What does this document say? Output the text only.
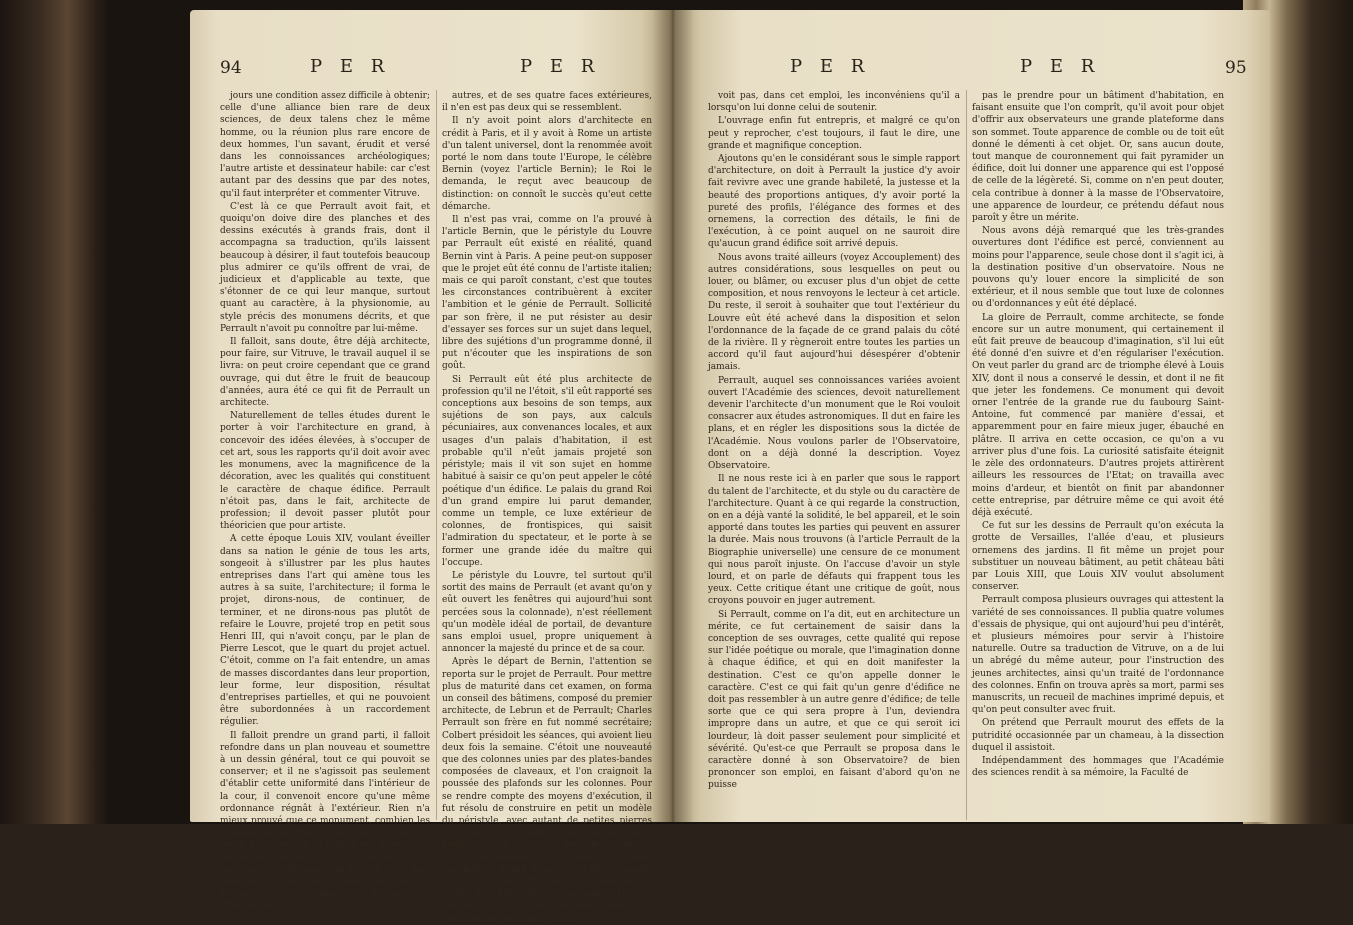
94	P E R	P E R

jours une condition assez difficile à obtenir; celle d'une alliance bien rare de deux sciences, de deux talens chez le même homme, ou la réunion plus rare encore de deux hommes, l'un savant, érudit et versé dans les connoissances archéologiques; l'autre artiste et dessinateur habile: car c'est autant par des dessins que par des notes, qu'il faut interpréter et commenter Vitruve.

C'est là ce que Perrault avoit fait, et quoiqu'on doive dire des planches et des dessins exécutés à grands frais, dont il accompagna sa traduction, qu'ils laissent beaucoup à désirer, il faut toutefois beaucoup plus admirer ce qu'ils offrent de vrai, de judicieux et d'applicable au texte, que s'étonner de ce qui leur manque, surtout quant au caractère, à la physionomie, au style précis des monumens décrits, et que Perrault n'avoit pu connoître par lui-même.

Il falloit, sans doute, être déjà architecte, pour faire, sur Vitruve, le travail auquel il se livra: on peut croire cependant que ce grand ouvrage, qui dut être le fruit de beaucoup d'années, aura été ce qui fit de Perrault un architecte.

Naturellement de telles études durent le porter à voir l'architecture en grand, à concevoir des idées élevées, à s'occuper de cet art, sous les rapports qu'il doit avoir avec les monumens, avec la magnificence de la décoration, avec les qualités qui constituent le caractère de chaque édifice. Perrault n'étoit pas, dans le fait, architecte de profession; il devoit passer plutôt pour théoricien que pour artiste.

A cette époque Louis XIV, voulant éveiller dans sa nation le génie de tous les arts, songeoit à s'illustrer par les plus hautes entreprises dans l'art qui amène tous les autres à sa suite, l'architecture; il forma le projet, dirons-nous, de continuer, de terminer, et ne dirons-nous pas plutôt de refaire le Louvre, projeté trop en petit sous Henri III, qui n'avoit conçu, par le plan de Pierre Lescot, que le quart du projet actuel. C'étoit, comme on l'a fait entendre, un amas de masses discordantes dans leur proportion, leur forme, leur disposition, résultat d'entreprises partielles, et qui ne pouvoient être subordonnées à un raccordement régulier.

Il falloit prendre un grand parti, il falloit refondre dans un plan nouveau et soumettre à un dessin général, tout ce qui pouvoit se conserver; et il ne s'agissoit pas seulement d'établir cette uniformité dans l'intérieur de la cour, il convenoit encore qu'une même ordonnance régnât à l'extérieur. Rien n'a mieux prouvé que ce monument, combien les grandes entreprises d'architecture ont de peine à parvenir à se compléter. Après trois siècles de travaux successifs, de projets, de reprises, etc., le palais du Louvre, qu'il faut regarder aujourd'hui comme terminé, a encore ses côtés intérieurs de sa cour différens des trois

autres, et de ses quatre faces extérieures, il n'en est pas deux qui se ressemblent.

Il n'y avoit point alors d'architecte en crédit à Paris, et il y avoit à Rome un artiste d'un talent universel, dont la renommée avoit porté le nom dans toute l'Europe, le célèbre Bernin (voyez l'article Bernin); le Roi le demanda, le reçut avec beaucoup de distinction: on connoît le succès qu'eut cette démarche.

Il n'est pas vrai, comme on l'a prouvé à l'article Bernin, que le péristyle du Louvre par Perrault eût existé en réalité, quand Bernin vint à Paris. A peine peut-on supposer que le projet eût été connu de l'artiste italien; mais ce qui paroît constant, c'est que toutes les circonstances contribuèrent à exciter l'ambition et le génie de Perrault. Sollicité par son frère, il ne put résister au desir d'essayer ses forces sur un sujet dans lequel, libre des sujétions d'un programme donné, il put n'écouter que les inspirations de son goût.

Si Perrault eût été plus architecte de profession qu'il ne l'étoit, s'il eût rapporté ses conceptions aux besoins de son temps, aux sujétions de son pays, aux calculs pécuniaires, aux convenances locales, et aux usages d'un palais d'habitation, il est probable qu'il n'eût jamais projeté son péristyle; mais il vit son sujet en homme habitué à saisir ce qu'on peut appeler le côté poétique d'un édifice. Le palais du grand Roi d'un grand empire lui parut demander, comme un temple, ce luxe extérieur de colonnes, de frontispices, qui saisit l'admiration du spectateur, et le porte à se former une grande idée du maître qui l'occupe.

Le péristyle du Louvre, tel surtout qu'il sortit des mains de Perrault (et avant qu'on y eût ouvert les fenêtres qui aujourd'hui sont percées sous la colonnade), n'est réellement qu'un modèle idéal de portail, de devanture sans emploi usuel, propre uniquement à annoncer la majesté du prince et de sa cour.

Après le départ de Bernin, l'attention se reporta sur le projet de Perrault. Pour mettre plus de maturité dans cet examen, on forma un conseil des bâtimens, composé du premier architecte, de Lebrun et de Perrault; Charles Perrault son frère en fut nommé secrétaire; Colbert présidoit les séances, qui avoient lieu deux fois la semaine. C'étoit une nouveauté que des colonnes unies par des plates-bandes composées de claveaux, et l'on craignoit la poussée des plafonds sur les colonnes. Pour se rendre compte des moyens d'exécution, il fut résolu de construire en petit un modèle du péristyle, avec autant de petites pierres qu'il devoit en entrer de grandes dans l'édifice, et de les retenir avec des barres de fer proportionnées à la mesure qu'elles auroient en grand. L'exécution de ce modèle rassura sur les difficultés qui avoient été le sujet de l'objection principale. On se convainquit que le fer employé à retenir la poussée des architraves, n'a-

P E R	P E R	95

voit pas, dans cet emploi, les inconvéniens qu'il a lorsqu'on lui donne celui de soutenir.

L'ouvrage enfin fut entrepris, et malgré ce qu'on peut y reprocher, c'est toujours, il faut le dire, une grande et magnifique conception.

Ajoutons qu'en le considérant sous le simple rapport d'architecture, on doit à Perrault la justice d'y avoir fait revivre avec une grande habileté, la justesse et la beauté des proportions antiques, d'y avoir porté la pureté des profils, l'élégance des formes et des ornemens, la correction des détails, le fini de l'exécution, à ce point auquel on ne sauroit dire qu'aucun grand édifice soit arrivé depuis.

Nous avons traité ailleurs (voyez Accouplement) des autres considérations, sous lesquelles on peut ou louer, ou blâmer, ou excuser plus d'un objet de cette composition, et nous renvoyons le lecteur à cet article. Du reste, il seroit à souhaiter que tout l'extérieur du Louvre eût été achevé dans la disposition et selon l'ordonnance de la façade de ce grand palais du côté de la rivière. Il y règneroit entre toutes les parties un accord qu'il faut aujourd'hui désespérer d'obtenir jamais.

Perrault, auquel ses connoissances variées avoient ouvert l'Académie des sciences, devoit naturellement devenir l'architecte d'un monument que le Roi vouloit consacrer aux études astronomiques. Il dut en faire les plans, et en régler les dispositions sous la dictée de l'Académie. Nous voulons parler de l'Observatoire, dont on a déjà donné la description. Voyez Observatoire.

Il ne nous reste ici à en parler que sous le rapport du talent de l'architecte, et du style ou du caractère de l'architecture. Quant à ce qui regarde la construction, on en a déjà vanté la solidité, le bel appareil, et le soin apporté dans toutes les parties qui peuvent en assurer la durée. Mais nous trouvons (à l'article Perrault de la Biographie universelle) une censure de ce monument qui nous paroît injuste. On l'accuse d'avoir un style lourd, et on parle de défauts qui frappent tous les yeux. Cette critique étant une critique de goût, nous croyons pouvoir en juger autrement.

Si Perrault, comme on l'a dit, eut en architecture un mérite, ce fut certainement de saisir dans la conception de ses ouvrages, cette qualité qui repose sur l'idée poétique ou morale, que l'imagination donne à chaque édifice, et qui en doit manifester la destination. C'est ce qu'on appelle donner le caractère. C'est ce qui fait qu'un genre d'édifice ne doit pas ressembler à un autre genre d'édifice; de telle sorte que ce qui sera propre à l'un, deviendra impropre dans un autre, et que ce qui seroit ici lourdeur, là doit passer seulement pour simplicité et sévérité. Qu'est-ce que Perrault se proposa dans le caractère donné à son Observatoire? de bien prononcer son emploi, en faisant d'abord qu'on ne puisse

pas le prendre pour un bâtiment d'habitation, en faisant ensuite que l'on comprît, qu'il avoit pour objet d'offrir aux observateurs une grande plateforme dans son sommet. Toute apparence de comble ou de toit eût donné le démenti à cet objet. Or, sans aucun doute, tout manque de couronnement qui fait pyramider un édifice, doit lui donner une apparence qui est l'opposé de celle de la légèreté. Si, comme on n'en peut douter, cela contribue à donner à la masse de l'Observatoire, une apparence de lourdeur, ce prétendu défaut nous paroît y être un mérite.

Nous avons déjà remarqué que les très-grandes ouvertures dont l'édifice est percé, conviennent au moins pour l'apparence, seule chose dont il s'agit ici, à la destination positive d'un observatoire. Nous ne pouvons qu'y louer encore la simplicité de son extérieur, et il nous semble que tout luxe de colonnes ou d'ordonnances y eût été déplacé.

La gloire de Perrault, comme architecte, se fonde encore sur un autre monument, qui certainement il eût fait preuve de beaucoup d'imagination, s'il lui eût été donné d'en suivre et d'en régulariser l'exécution. On veut parler du grand arc de triomphe élevé à Louis XIV, dont il nous a conservé le dessin, et dont il ne fit que jeter les fondemens. Ce monument qui devoit orner l'entrée de la grande rue du faubourg Saint-Antoine, fut commencé par manière d'essai, et apparemment pour en faire mieux juger, ébauché en plâtre. Il arriva en cette occasion, ce qu'on a vu arriver plus d'une fois. La curiosité satisfaite éteignit le zèle des ordonnateurs. D'autres projets attirèrent ailleurs les ressources de l'Etat; on travailla avec moins d'ardeur, et bientôt on finit par abandonner cette entreprise, par détruire même ce qui avoit été déjà exécuté.

Ce fut sur les dessins de Perrault qu'on exécuta la grotte de Versailles, l'allée d'eau, et plusieurs ornemens des jardins. Il fit même un projet pour substituer un nouveau bâtiment, au petit château bâti par Louis XIII, que Louis XIV voulut absolument conserver.

Perrault composa plusieurs ouvrages qui attestent la variété de ses connoissances. Il publia quatre volumes d'essais de physique, qui ont aujourd'hui peu d'intérêt, et plusieurs mémoires pour servir à l'histoire naturelle. Outre sa traduction de Vitruve, on a de lui un abrégé du même auteur, pour l'instruction des jeunes architectes, ainsi qu'un traité de l'ordonnance des colonnes. Enfin on trouva après sa mort, parmi ses manuscrits, un recueil de machines imprimé depuis, et qu'on peut consulter avec fruit.

On prétend que Perrault mourut des effets de la putridité occasionnée par un chameau, à la dissection duquel il assistoit.

Indépendamment des hommages que l'Académie des sciences rendit à sa mémoire, la Faculté de
